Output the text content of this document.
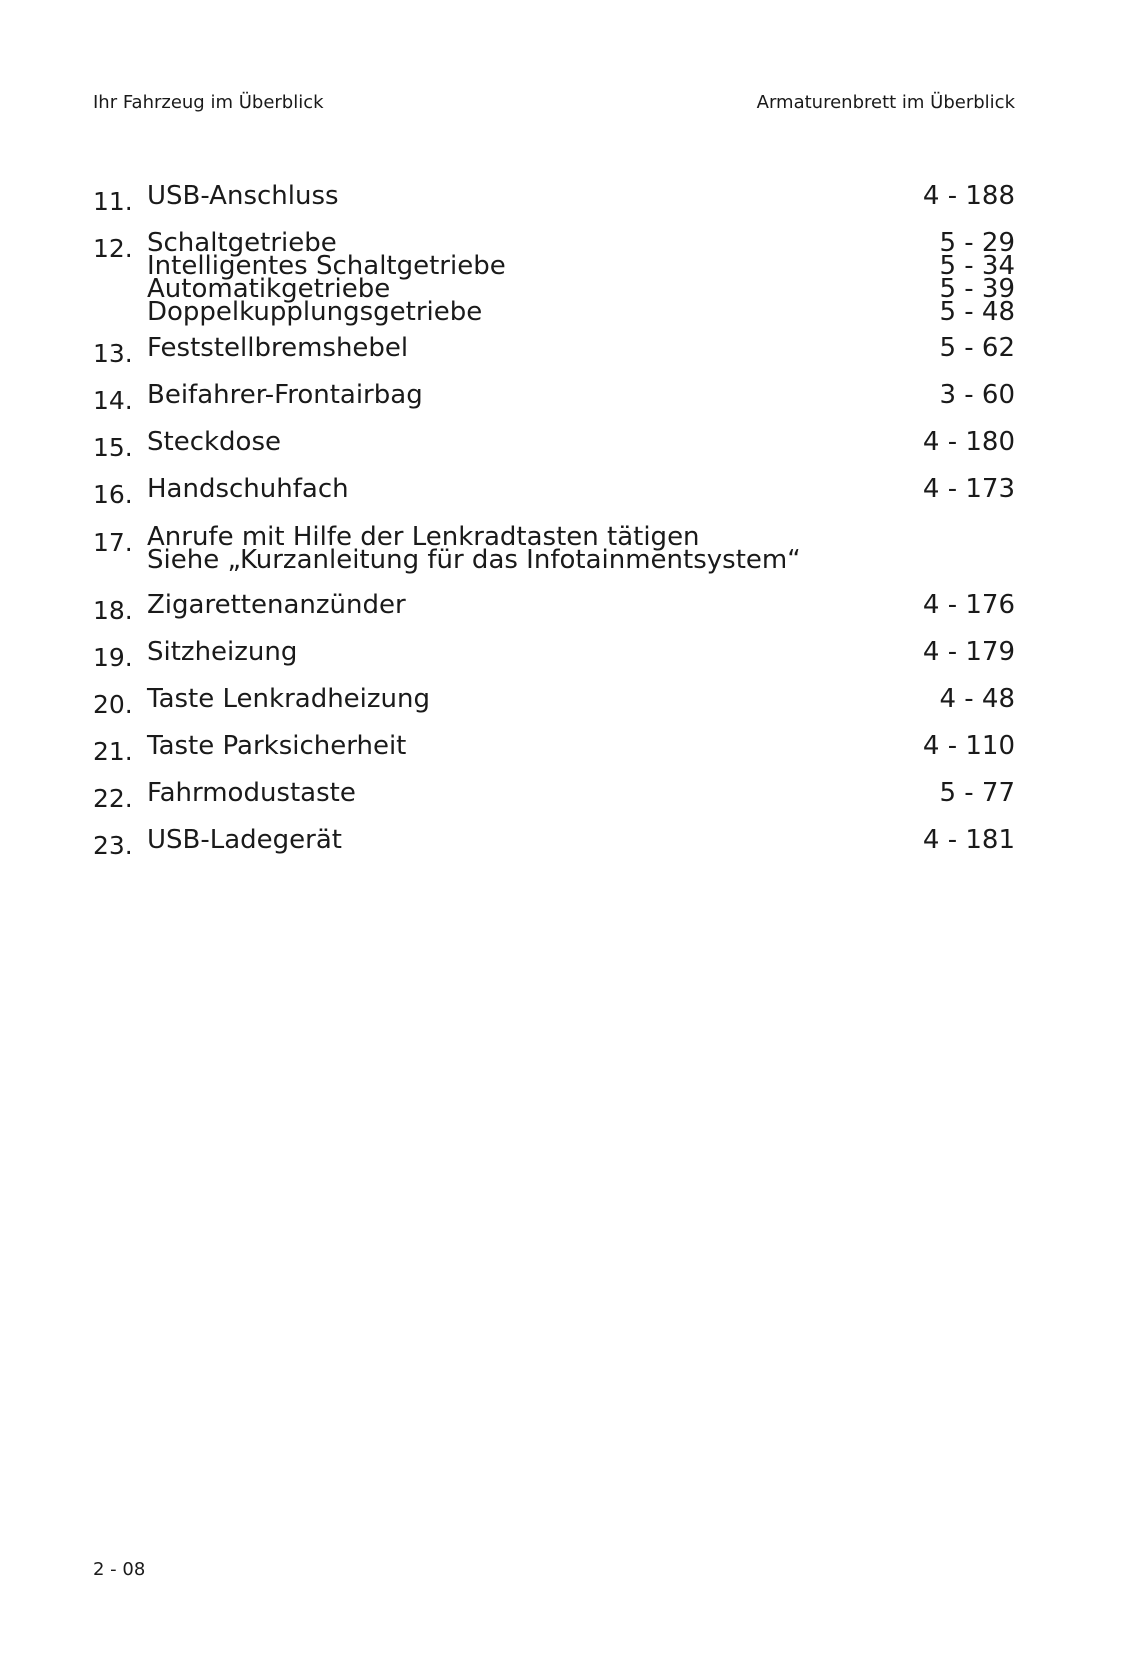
Ihr Fahrzeug im Überblick	Armaturenbrett im Überblick
11. USB-Anschluss	4 - 188
12. Schaltgetriebe	5 - 29
Intelligentes Schaltgetriebe	5 - 34
Automatikgetriebe	5 - 39
Doppelkupplungsgetriebe	5 - 48
13. Feststellbremshebel	5 - 62
14. Beifahrer-Frontairbag	3 - 60
15. Steckdose	4 - 180
16. Handschuhfach	4 - 173
17. Anrufe mit Hilfe der Lenkradtasten tätigen
Siehe „Kurzanleitung für das Infotainmentsystem“
18. Zigarettenanzünder	4 - 176
19. Sitzheizung	4 - 179
20. Taste Lenkradheizung	4 - 48
21. Taste Parksicherheit	4 - 110
22. Fahrmodustaste	5 - 77
23. USB-Ladegerät	4 - 181
2 - 08
